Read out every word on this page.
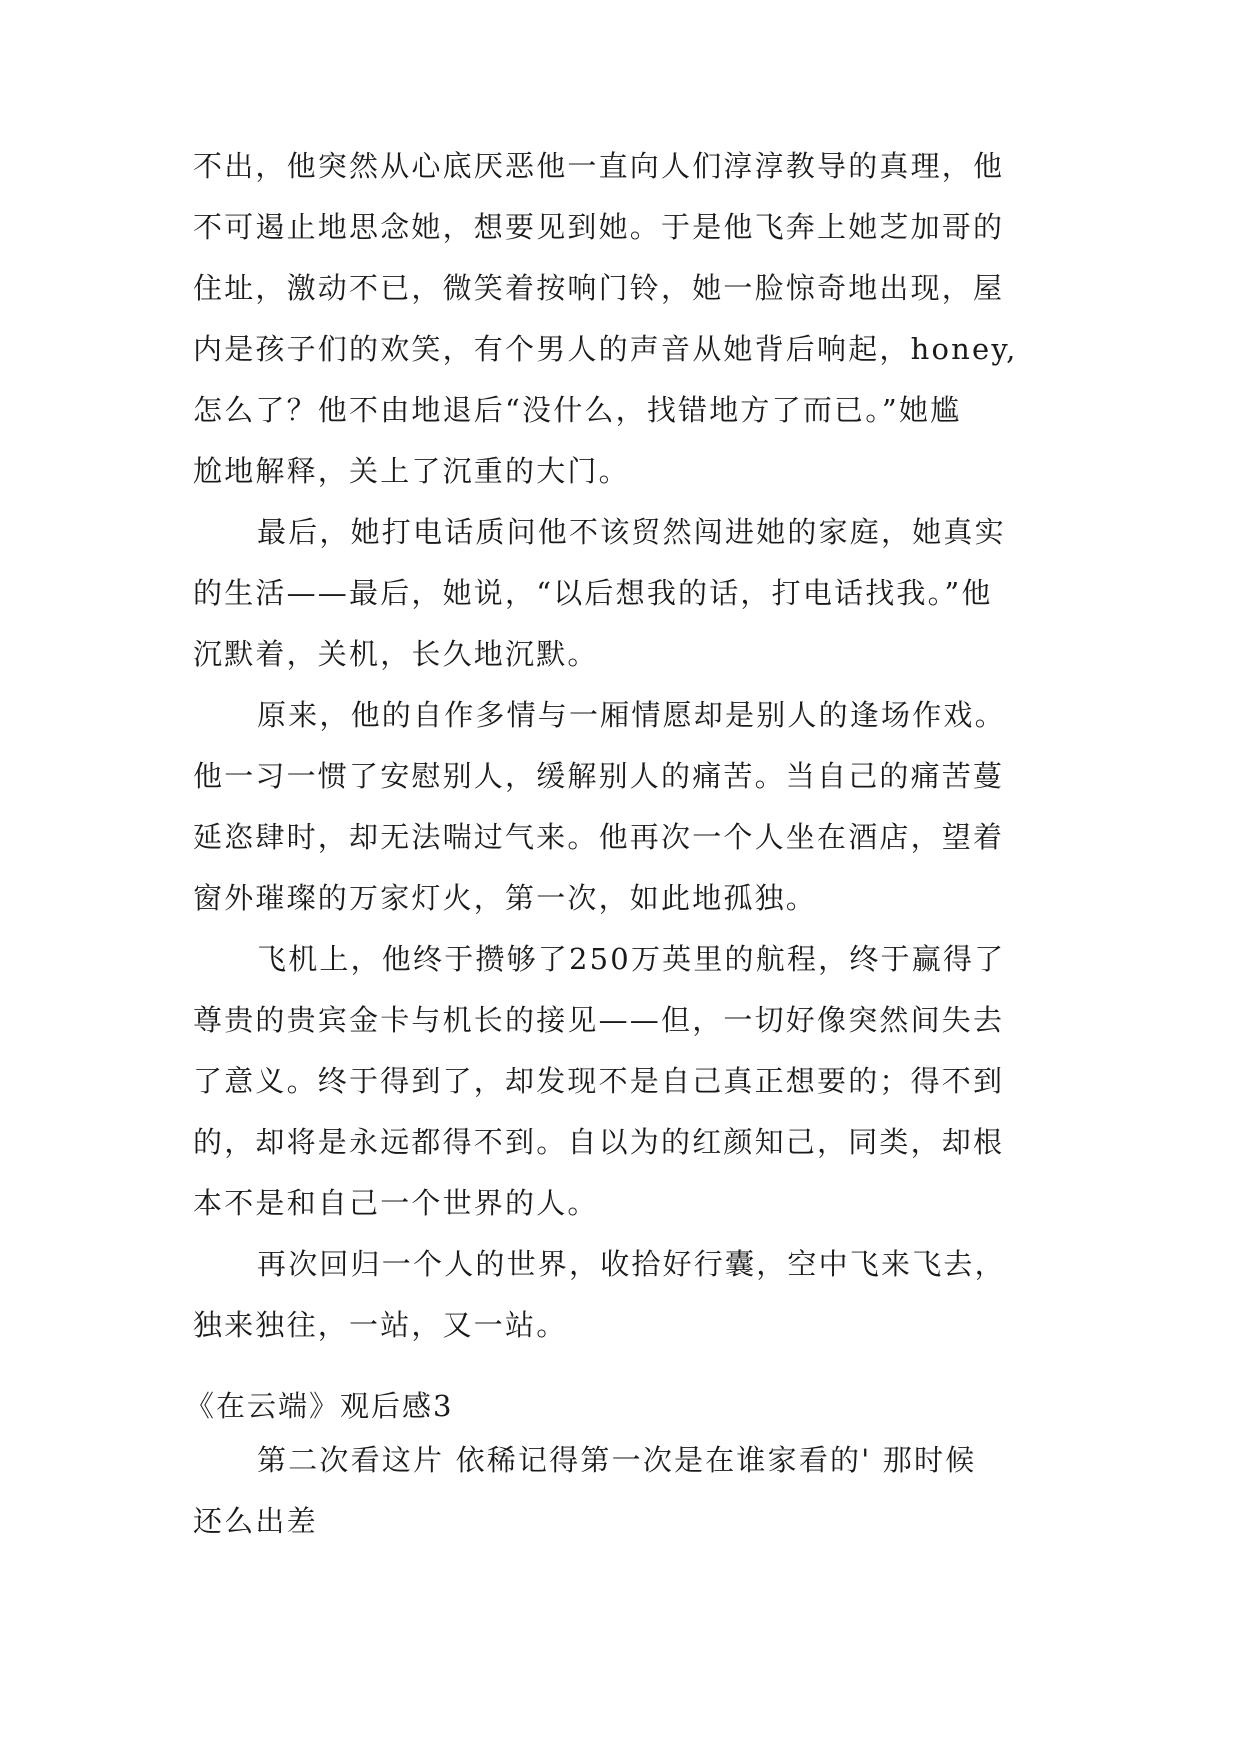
不出，他突然从心底厌恶他一直向人们淳淳教导的真理，他
不可遏止地思念她，想要见到她。于是他飞奔上她芝加哥的
住址，激动不已，微笑着按响门铃，她一脸惊奇地出现，屋
内是孩子们的欢笑，有个男人的声音从她背后响起，honey,
怎么了？他不由地退后“没什么，找错地方了而已。”她尴
尬地解释，关上了沉重的大门。
最后，她打电话质问他不该贸然闯进她的家庭，她真实
的生活——最后，她说，“以后想我的话，打电话找我。”他
沉默着，关机，长久地沉默。
原来，他的自作多情与一厢情愿却是别人的逢场作戏。
他一习一惯了安慰别人，缓解别人的痛苦。当自己的痛苦蔓
延恣肆时，却无法喘过气来。他再次一个人坐在酒店，望着
窗外璀璨的万家灯火，第一次，如此地孤独。
飞机上，他终于攒够了250万英里的航程，终于赢得了
尊贵的贵宾金卡与机长的接见——但，一切好像突然间失去
了意义。终于得到了，却发现不是自己真正想要的；得不到
的，却将是永远都得不到。自以为的红颜知己，同类，却根
本不是和自己一个世界的人。
再次回归一个人的世界，收拾好行囊，空中飞来飞去，
独来独往，一站，又一站。
《在云端》观后感3
第二次看这片 依稀记得第一次是在谁家看的' 那时候
还么出差
